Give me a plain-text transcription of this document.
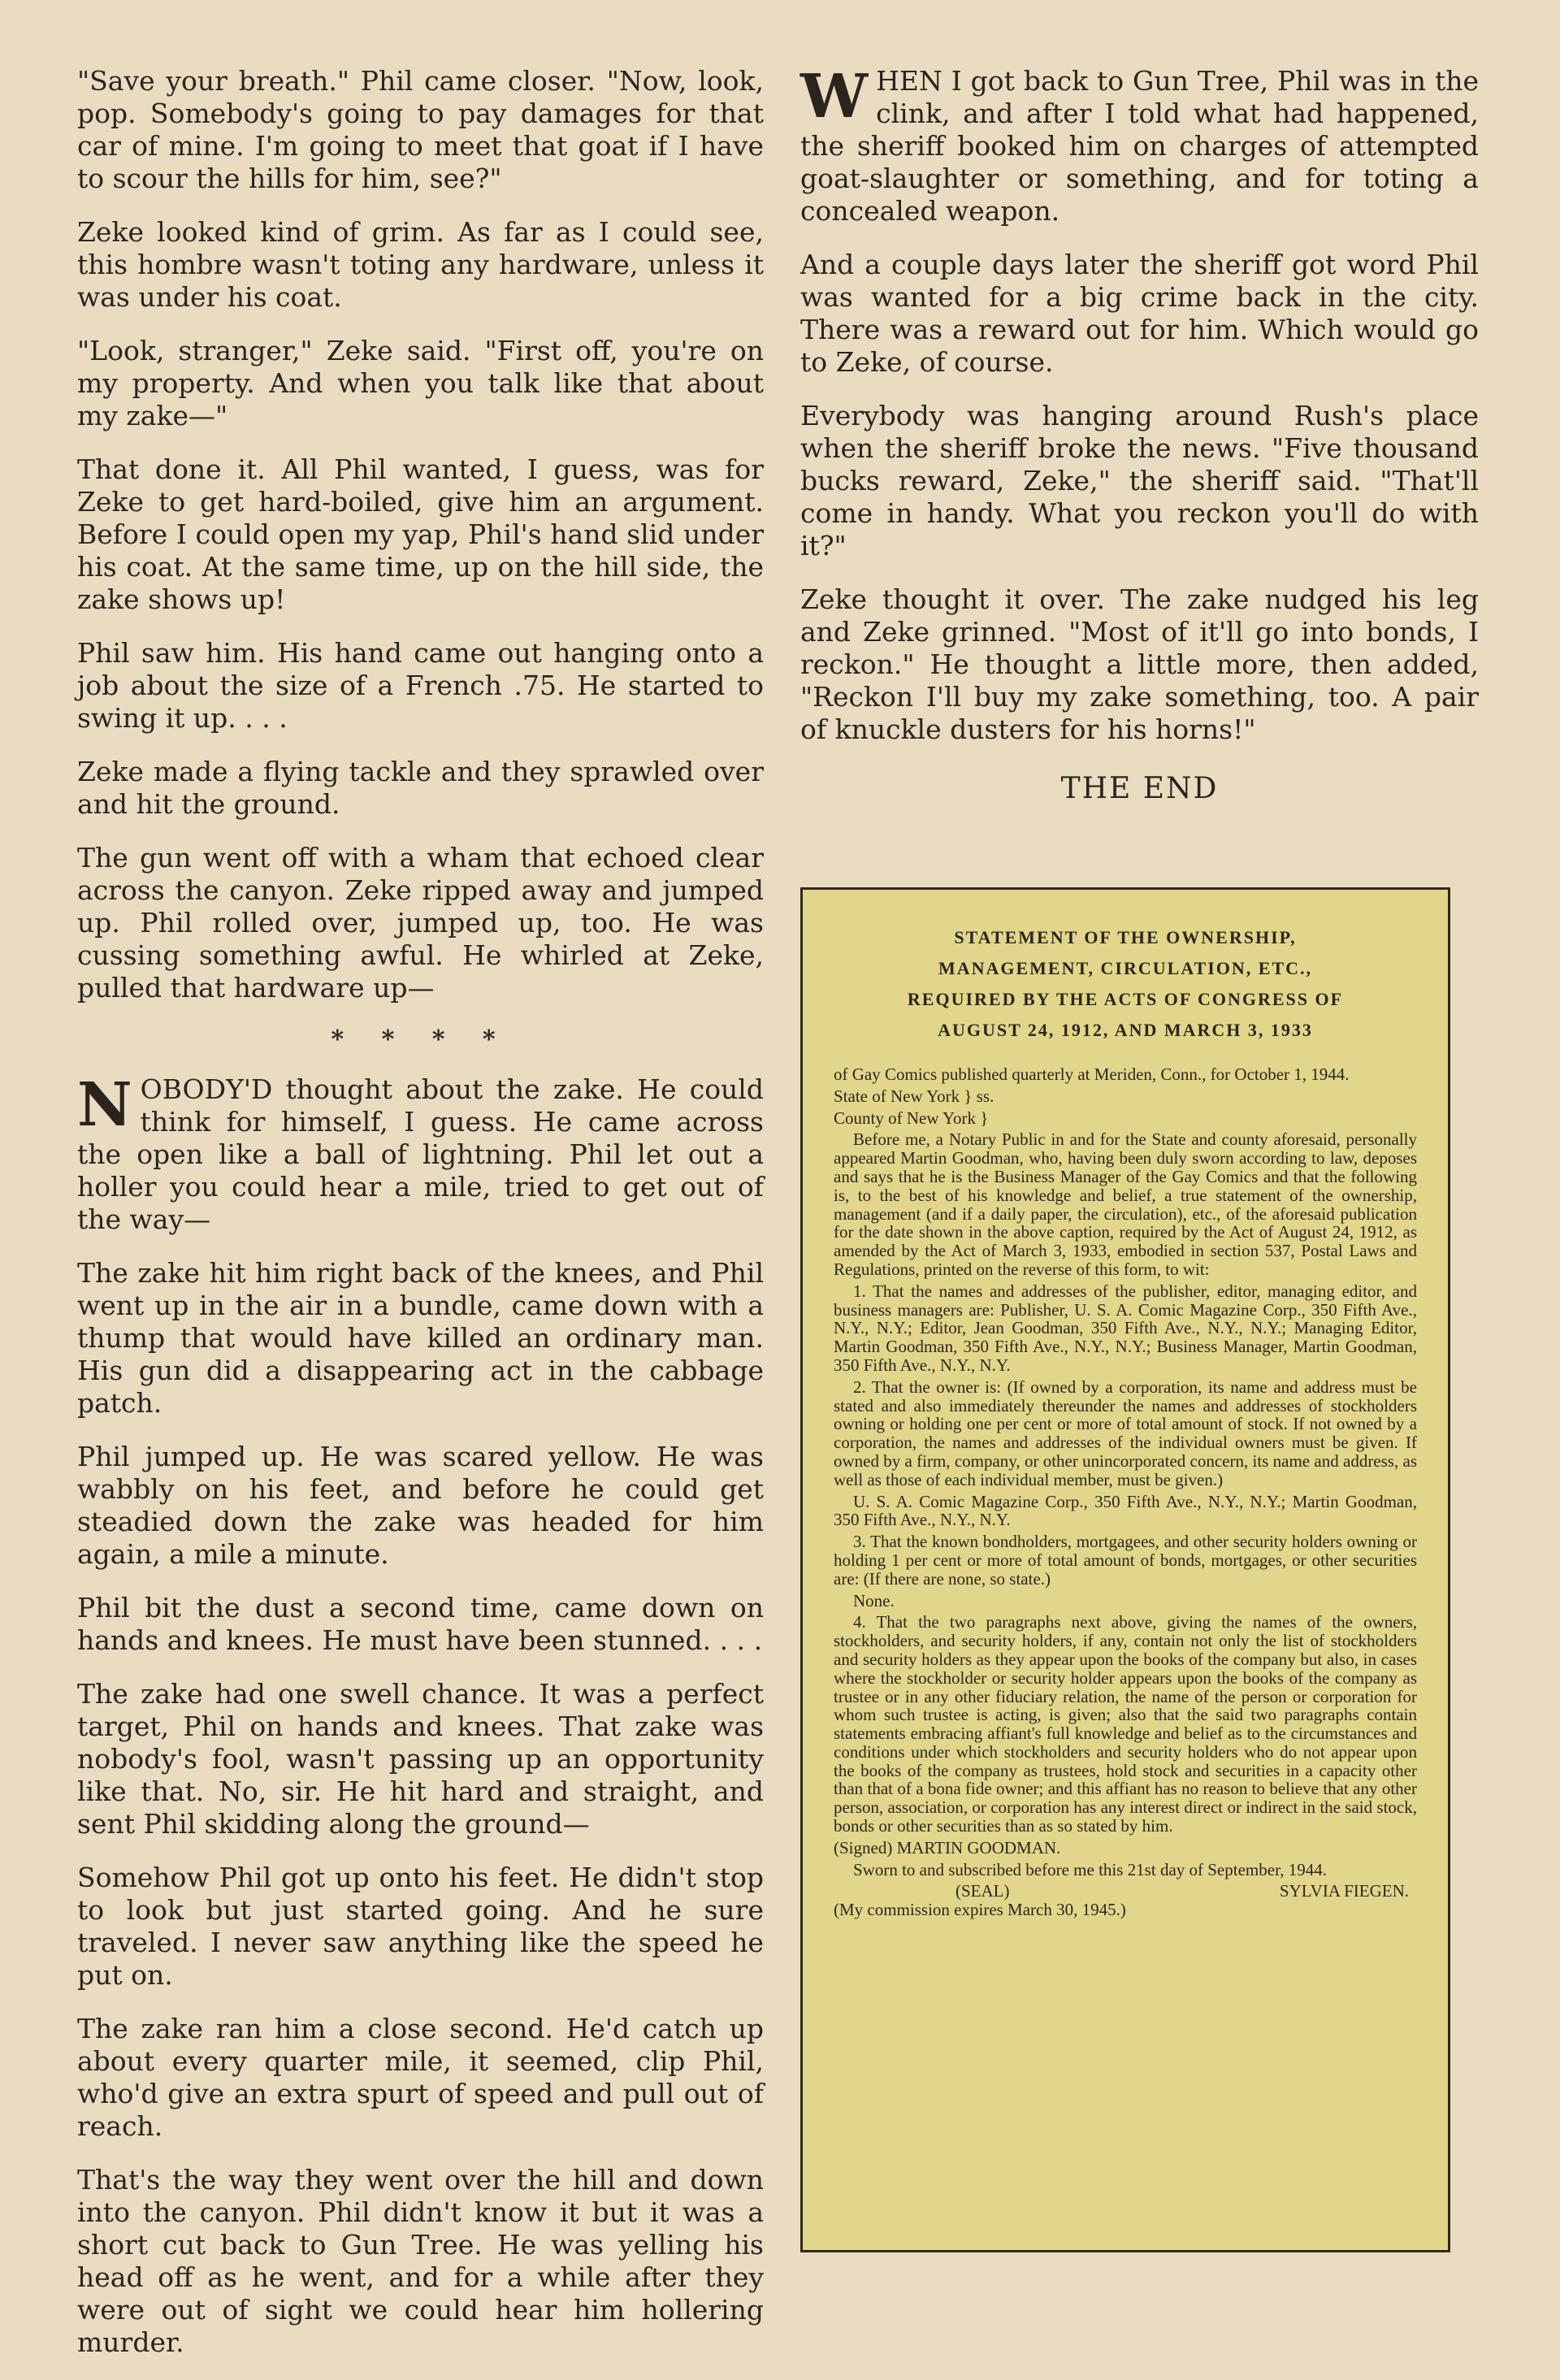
"Save your breath." Phil came closer. "Now, look, pop. Somebody's going to pay damages for that car of mine. I'm going to meet that goat if I have to scour the hills for him, see?"

Zeke looked kind of grim. As far as I could see, this hombre wasn't toting any hardware, unless it was under his coat.

"Look, stranger," Zeke said. "First off, you're on my property. And when you talk like that about my zake—"

That done it. All Phil wanted, I guess, was for Zeke to get hard-boiled, give him an argument. Before I could open my yap, Phil's hand slid under his coat. At the same time, up on the hill side, the zake shows up!

Phil saw him. His hand came out hanging onto a job about the size of a French .75. He started to swing it up. . . .

Zeke made a flying tackle and they sprawled over and hit the ground.

The gun went off with a wham that echoed clear across the canyon. Zeke ripped away and jumped up. Phil rolled over, jumped up, too. He was cussing something awful. He whirled at Zeke, pulled that hardware up—

* * * *

NOBODY'D thought about the zake. He could think for himself, I guess. He came across the open like a ball of lightning. Phil let out a holler you could hear a mile, tried to get out of the way—

The zake hit him right back of the knees, and Phil went up in the air in a bundle, came down with a thump that would have killed an ordinary man. His gun did a disappearing act in the cabbage patch.

Phil jumped up. He was scared yellow. He was wabbly on his feet, and before he could get steadied down the zake was headed for him again, a mile a minute.

Phil bit the dust a second time, came down on hands and knees. He must have been stunned. . . .

The zake had one swell chance. It was a perfect target, Phil on hands and knees. That zake was nobody's fool, wasn't passing up an opportunity like that. No, sir. He hit hard and straight, and sent Phil skidding along the ground—

Somehow Phil got up onto his feet. He didn't stop to look but just started going. And he sure traveled. I never saw anything like the speed he put on.

The zake ran him a close second. He'd catch up about every quarter mile, it seemed, clip Phil, who'd give an extra spurt of speed and pull out of reach.

That's the way they went over the hill and down into the canyon. Phil didn't know it but it was a short cut back to Gun Tree. He was yelling his head off as he went, and for a while after they were out of sight we could hear him hollering murder.

WHEN I got back to Gun Tree, Phil was in the clink, and after I told what had happened, the sheriff booked him on charges of attempted goat-slaughter or something, and for toting a concealed weapon.

And a couple days later the sheriff got word Phil was wanted for a big crime back in the city. There was a reward out for him. Which would go to Zeke, of course.

Everybody was hanging around Rush's place when the sheriff broke the news. "Five thousand bucks reward, Zeke," the sheriff said. "That'll come in handy. What you reckon you'll do with it?"

Zeke thought it over. The zake nudged his leg and Zeke grinned. "Most of it'll go into bonds, I reckon." He thought a little more, then added, "Reckon I'll buy my zake something, too. A pair of knuckle dusters for his horns!"

THE END
STATEMENT OF THE OWNERSHIP,
MANAGEMENT, CIRCULATION, ETC.,
REQUIRED BY THE ACTS OF CONGRESS OF
AUGUST 24, 1912, AND MARCH 3, 1933

of Gay Comics published quarterly at Meriden, Conn., for October 1, 1944.

State of New York } ss.

County of New York }

Before me, a Notary Public in and for the State and county aforesaid, personally appeared Martin Goodman, who, having been duly sworn according to law, deposes and says that he is the Business Manager of the Gay Comics and that the following is, to the best of his knowledge and belief, a true statement of the ownership, management (and if a daily paper, the circulation), etc., of the aforesaid publication for the date shown in the above caption, required by the Act of August 24, 1912, as amended by the Act of March 3, 1933, embodied in section 537, Postal Laws and Regulations, printed on the reverse of this form, to wit:

1. That the names and addresses of the publisher, editor, managing editor, and business managers are: Publisher, U. S. A. Comic Magazine Corp., 350 Fifth Ave., N.Y., N.Y.; Editor, Jean Goodman, 350 Fifth Ave., N.Y., N.Y.; Managing Editor, Martin Goodman, 350 Fifth Ave., N.Y., N.Y.; Business Manager, Martin Goodman, 350 Fifth Ave., N.Y., N.Y.

2. That the owner is: (If owned by a corporation, its name and address must be stated and also immediately thereunder the names and addresses of stockholders owning or holding one per cent or more of total amount of stock. If not owned by a corporation, the names and addresses of the individual owners must be given. If owned by a firm, company, or other unincorporated concern, its name and address, as well as those of each individual member, must be given.)

U. S. A. Comic Magazine Corp., 350 Fifth Ave., N.Y., N.Y.; Martin Goodman, 350 Fifth Ave., N.Y., N.Y.

3. That the known bondholders, mortgagees, and other security holders owning or holding 1 per cent or more of total amount of bonds, mortgages, or other securities are: (If there are none, so state.)

None.

4. That the two paragraphs next above, giving the names of the owners, stockholders, and security holders, if any, contain not only the list of stockholders and security holders as they appear upon the books of the company but also, in cases where the stockholder or security holder appears upon the books of the company as trustee or in any other fiduciary relation, the name of the person or corporation for whom such trustee is acting, is given; also that the said two paragraphs contain statements embracing affiant's full knowledge and belief as to the circumstances and conditions under which stockholders and security holders who do not appear upon the books of the company as trustees, hold stock and securities in a capacity other than that of a bona fide owner; and this affiant has no reason to believe that any other person, association, or corporation has any interest direct or indirect in the said stock, bonds or other securities than as so stated by him.

(Signed) MARTIN GOODMAN.

Sworn to and subscribed before me this 21st day of September, 1944.

(SEAL)	SYLVIA FIEGEN.

(My commission expires March 30, 1945.)
